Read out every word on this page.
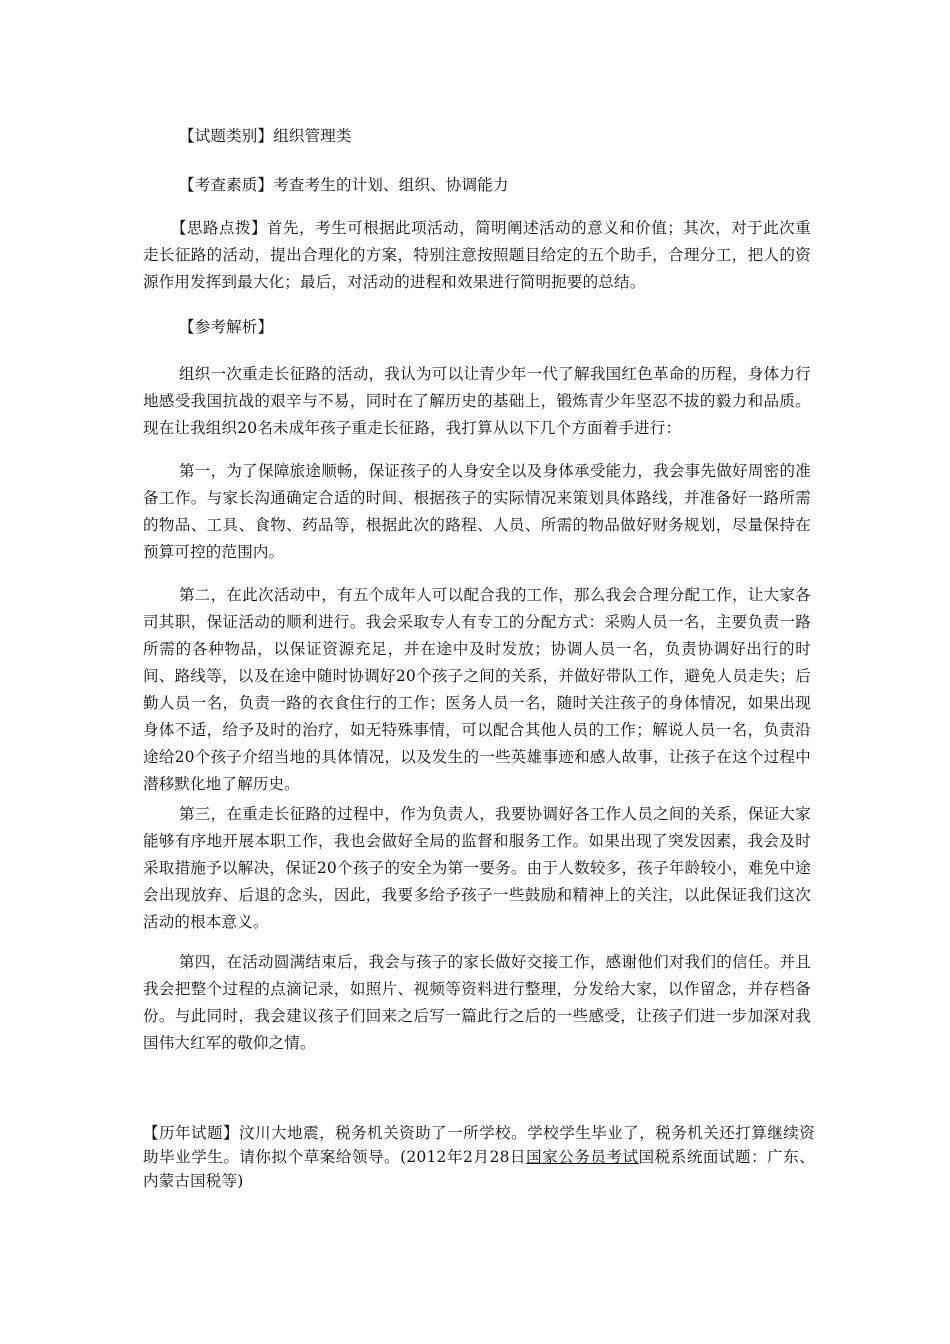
【试题类别】组织管理类
【考查素质】考查考生的计划、组织、协调能力
【思路点拨】首先，考生可根据此项活动，简明阐述活动的意义和价值；其次，对于此次重走长征路的活动，提出合理化的方案，特别注意按照题目给定的五个助手，合理分工，把人的资源作用发挥到最大化；最后，对活动的进程和效果进行简明扼要的总结。
【参考解析】
组织一次重走长征路的活动，我认为可以让青少年一代了解我国红色革命的历程，身体力行地感受我国抗战的艰辛与不易，同时在了解历史的基础上，锻炼青少年坚忍不拔的毅力和品质。现在让我组织20名未成年孩子重走长征路，我打算从以下几个方面着手进行：
第一，为了保障旅途顺畅，保证孩子的人身安全以及身体承受能力，我会事先做好周密的准备工作。与家长沟通确定合适的时间、根据孩子的实际情况来策划具体路线，并准备好一路所需的物品、工具、食物、药品等，根据此次的路程、人员、所需的物品做好财务规划，尽量保持在预算可控的范围内。
第二，在此次活动中，有五个成年人可以配合我的工作，那么我会合理分配工作，让大家各司其职，保证活动的顺利进行。我会采取专人有专工的分配方式：采购人员一名，主要负责一路所需的各种物品，以保证资源充足，并在途中及时发放；协调人员一名，负责协调好出行的时间、路线等，以及在途中随时协调好20个孩子之间的关系，并做好带队工作，避免人员走失；后勤人员一名，负责一路的衣食住行的工作；医务人员一名，随时关注孩子的身体情况，如果出现身体不适，给予及时的治疗，如无特殊事情，可以配合其他人员的工作；解说人员一名，负责沿途给20个孩子介绍当地的具体情况，以及发生的一些英雄事迹和感人故事，让孩子在这个过程中潜移默化地了解历史。
第三，在重走长征路的过程中，作为负责人，我要协调好各工作人员之间的关系，保证大家能够有序地开展本职工作，我也会做好全局的监督和服务工作。如果出现了突发因素，我会及时采取措施予以解决，保证20个孩子的安全为第一要务。由于人数较多，孩子年龄较小，难免中途会出现放弃、后退的念头，因此，我要多给予孩子一些鼓励和精神上的关注，以此保证我们这次活动的根本意义。
第四，在活动圆满结束后，我会与孩子的家长做好交接工作，感谢他们对我们的信任。并且我会把整个过程的点滴记录，如照片、视频等资料进行整理，分发给大家，以作留念，并存档备份。与此同时，我会建议孩子们回来之后写一篇此行之后的一些感受，让孩子们进一步加深对我国伟大红军的敬仰之情。
【历年试题】汶川大地震，税务机关资助了一所学校。学校学生毕业了，税务机关还打算继续资助毕业学生。请你拟个草案给领导。(2012年2月28日国家公务员考试国税系统面试题：广东、内蒙古国税等)
